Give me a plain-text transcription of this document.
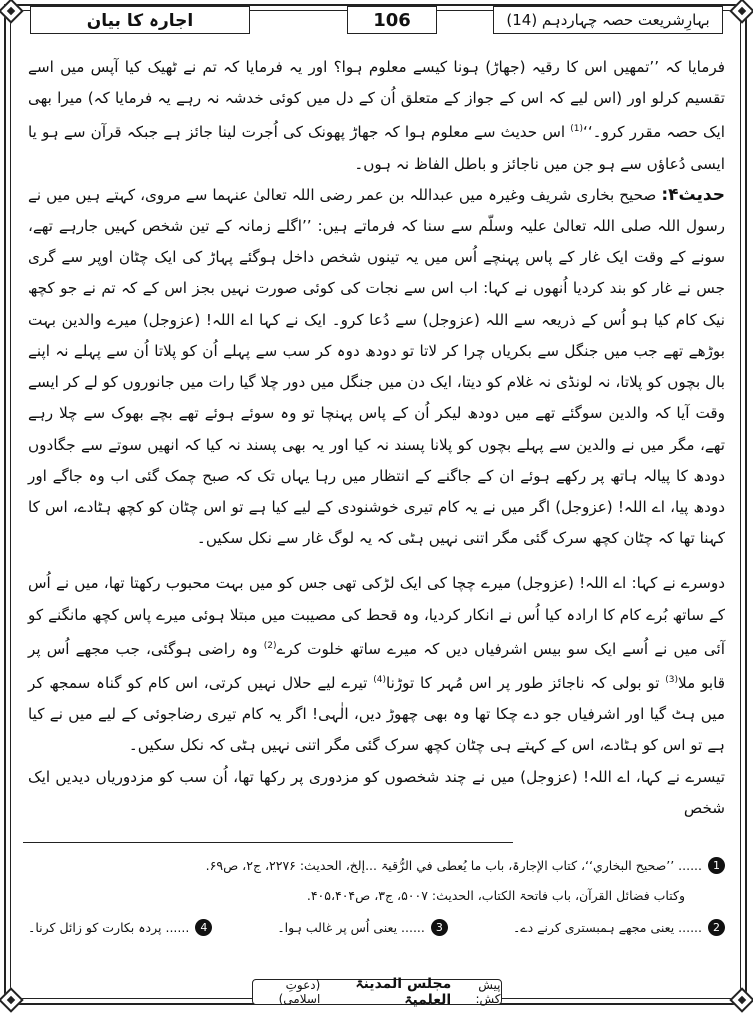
بہارِشریعت حصہ چہاردہم (14)
106
اجارہ کا بیان

فرمایا کہ ’’تمھیں اس کا رقیہ (جھاڑ) ہونا کیسے معلوم ہوا؟ اور یہ فرمایا کہ تم نے ٹھیک کیا آپس میں اسے تقسیم کرلو اور (اس لیے کہ اس کے جواز کے متعلق اُن کے دل میں کوئی خدشہ نہ رہے یہ فرمایا کہ) میرا بھی ایک حصہ مقرر کرو۔‘‘$^{(1)}$ اس حدیث سے معلوم ہوا کہ جھاڑ پھونک کی اُجرت لینا جائز ہے جبکہ قرآن سے ہو یا ایسی دُعاؤں سے ہو جن میں ناجائز و باطل الفاظ نہ ہوں۔

حدیث۴: صحیح بخاری شریف وغیرہ میں عبداللہ بن عمر رضی اللہ تعالیٰ عنہما سے مروی، کہتے ہیں میں نے رسول اللہ صلی اللہ تعالیٰ علیہ وسلّم سے سنا کہ فرماتے ہیں: ’’اگلے زمانہ کے تین شخص کہیں جارہے تھے، سونے کے وقت ایک غار کے پاس پہنچے اُس میں یہ تینوں شخص داخل ہوگئے پہاڑ کی ایک چٹان اوپر سے گری جس نے غار کو بند کردیا اُنھوں نے کہا: اب اس سے نجات کی کوئی صورت نہیں بجز اس کے کہ تم نے جو کچھ نیک کام کیا ہو اُس کے ذریعہ سے اللہ (عزوجل) سے دُعا کرو۔ ایک نے کہا اے اللہ! (عزوجل) میرے والدین بہت بوڑھے تھے جب میں جنگل سے بکریاں چرا کر لاتا تو دودھ دوہ کر سب سے پہلے اُن کو پلاتا اُن سے پہلے نہ اپنے بال بچوں کو پلاتا، نہ لونڈی نہ غلام کو دیتا، ایک دن میں جنگل میں دور چلا گیا رات میں جانوروں کو لے کر ایسے وقت آیا کہ والدین سوگئے تھے میں دودھ لیکر اُن کے پاس پہنچا تو وہ سوئے ہوئے تھے بچے بھوک سے چلا رہے تھے، مگر میں نے والدین سے پہلے بچوں کو پلانا پسند نہ کیا اور یہ بھی پسند نہ کیا کہ انھیں سوتے سے جگادوں دودھ کا پیالہ ہاتھ پر رکھے ہوئے ان کے جاگنے کے انتظار میں رہا یہاں تک کہ صبح چمک گئی اب وہ جاگے اور دودھ پیا، اے اللہ! (عزوجل) اگر میں نے یہ کام تیری خوشنودی کے لیے کیا ہے تو اس چٹان کو کچھ ہٹادے، اس کا کہنا تھا کہ چٹان کچھ سرک گئی مگر اتنی نہیں ہٹی کہ یہ لوگ غار سے نکل سکیں۔

دوسرے نے کہا: اے اللہ! (عزوجل) میرے چچا کی ایک لڑکی تھی جس کو میں بہت محبوب رکھتا تھا، میں نے اُس کے ساتھ بُرے کام کا ارادہ کیا اُس نے انکار کردیا، وہ قحط کی مصیبت میں مبتلا ہوئی میرے پاس کچھ مانگنے کو آئی میں نے اُسے ایک سو بیس اشرفیاں دیں کہ میرے ساتھ خلوت کرے$^{(2)}$ وہ راضی ہوگئی، جب مجھے اُس پر قابو ملا$^{(3)}$ تو بولی کہ ناجائز طور پر اس مُہر کا توڑنا$^{(4)}$ تیرے لیے حلال نہیں کرتی، اس کام کو گناہ سمجھ کر میں ہٹ گیا اور اشرفیاں جو دے چکا تھا وہ بھی چھوڑ دیں، الٰہی! اگر یہ کام تیری رضاجوئی کے لیے میں نے کیا ہے تو اس کو ہٹادے، اس کے کہتے ہی چٹان کچھ سرک گئی مگر اتنی نہیں ہٹی کہ نکل سکیں۔

تیسرے نے کہا، اے اللہ! (عزوجل) میں نے چند شخصوں کو مزدوری پر رکھا تھا، اُن سب کو مزدوریاں دیدیں ایک شخص

1
...... ’’صحیح البخاري‘‘، کتاب الإجارۃ، باب ما یُعطی في الرُّقیۃ ...إلخ، الحدیث: ۲۲۷۶، ج۲، ص۶۹.
وکتاب فضائل القرآن، باب فاتحۃ الکتاب، الحدیث: ۵۰۰۷، ج۳، ص۴۰۵،۴۰۴.
2
...... یعنی مجھے ہمبستری کرنے دے۔
3
...... یعنی اُس پر غالب ہوا۔
4
...... پردہ بکارت کو زائل کرنا۔
پیش کش:
مجلس المدینۃ العلمیۃ
(دعوتِ اسلامی)
